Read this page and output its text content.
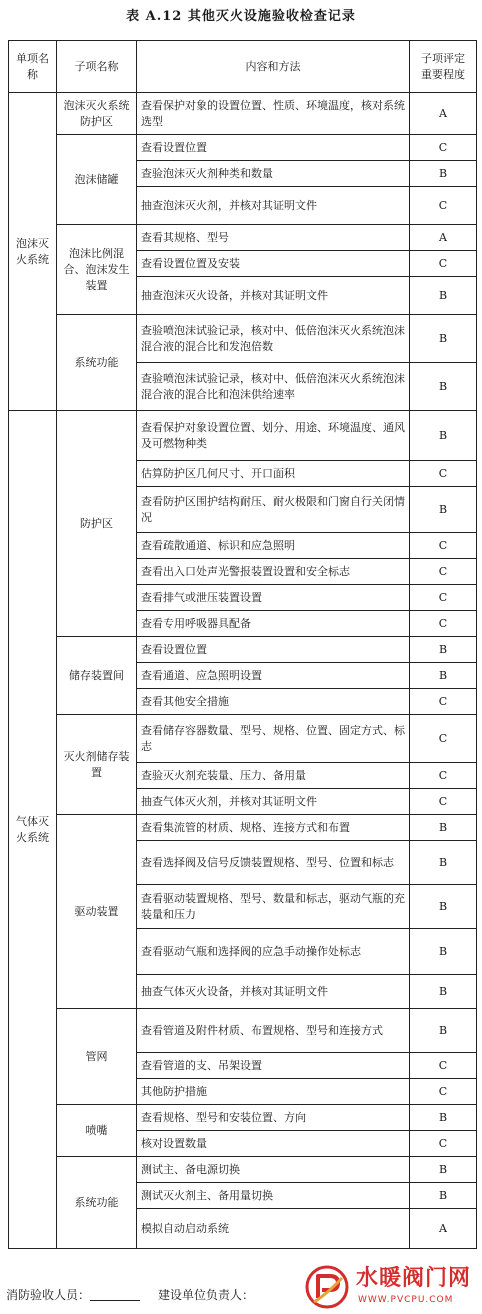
表 A.12 其他灭火设施验收检查记录
单项名称	子项名称	内容和方法	子项评定
重要程度
泡沫灭火系统	泡沫灭火系统防护区	查看保护对象的设置位置、性质、环境温度，核对系统选型	A
	泡沫储罐	查看设置位置	C
		查验泡沫灭火剂种类和数量	B
		抽查泡沫灭火剂，并核对其证明文件	C
	泡沫比例混合、泡沫发生装置	查看其规格、型号	A
		查看设置位置及安装	C
		抽查泡沫灭火设备，并核对其证明文件	B
	系统功能	查验喷泡沫试验记录，核对中、低倍泡沫灭火系统泡沫混合液的混合比和发泡倍数	B
		查验喷泡沫试验记录，核对中、低倍泡沫灭火系统泡沫混合液的混合比和泡沫供给速率	B
气体灭火系统	防护区	查看保护对象设置位置、划分、用途、环境温度、通风及可燃物种类	B
		估算防护区几何尺寸、开口面积	C
		查看防护区围护结构耐压、耐火极限和门窗自行关闭情况	B
		查看疏散通道、标识和应急照明	C
		查看出入口处声光警报装置设置和安全标志	C
		查看排气或泄压装置设置	C
		查看专用呼吸器具配备	C
	储存装置间	查看设置位置	B
		查看通道、应急照明设置	B
		查看其他安全措施	C
	灭火剂储存装置	查看储存容器数量、型号、规格、位置、固定方式、标志	C
		查验灭火剂充装量、压力、备用量	C
		抽查气体灭火剂，并核对其证明文件	C
	驱动装置	查看集流管的材质、规格、连接方式和布置	B
		查看选择阀及信号反馈装置规格、型号、位置和标志	B
		查看驱动装置规格、型号、数量和标志，驱动气瓶的充装量和压力	B
		查看驱动气瓶和选择阀的应急手动操作处标志	B
		抽查气体灭火设备，并核对其证明文件	B
	管网	查看管道及附件材质、布置规格、型号和连接方式	B
		查看管道的支、吊架设置	C
		其他防护措施	C
	喷嘴	查看规格、型号和安装位置、方向	B
		核对设置数量	C
	系统功能	测试主、备电源切换	B
		测试灭火剂主、备用量切换	B
		模拟自动启动系统	A
消防验收人员：	建设单位负责人：
水暖阀门网
WWW.PVCPU.COM
